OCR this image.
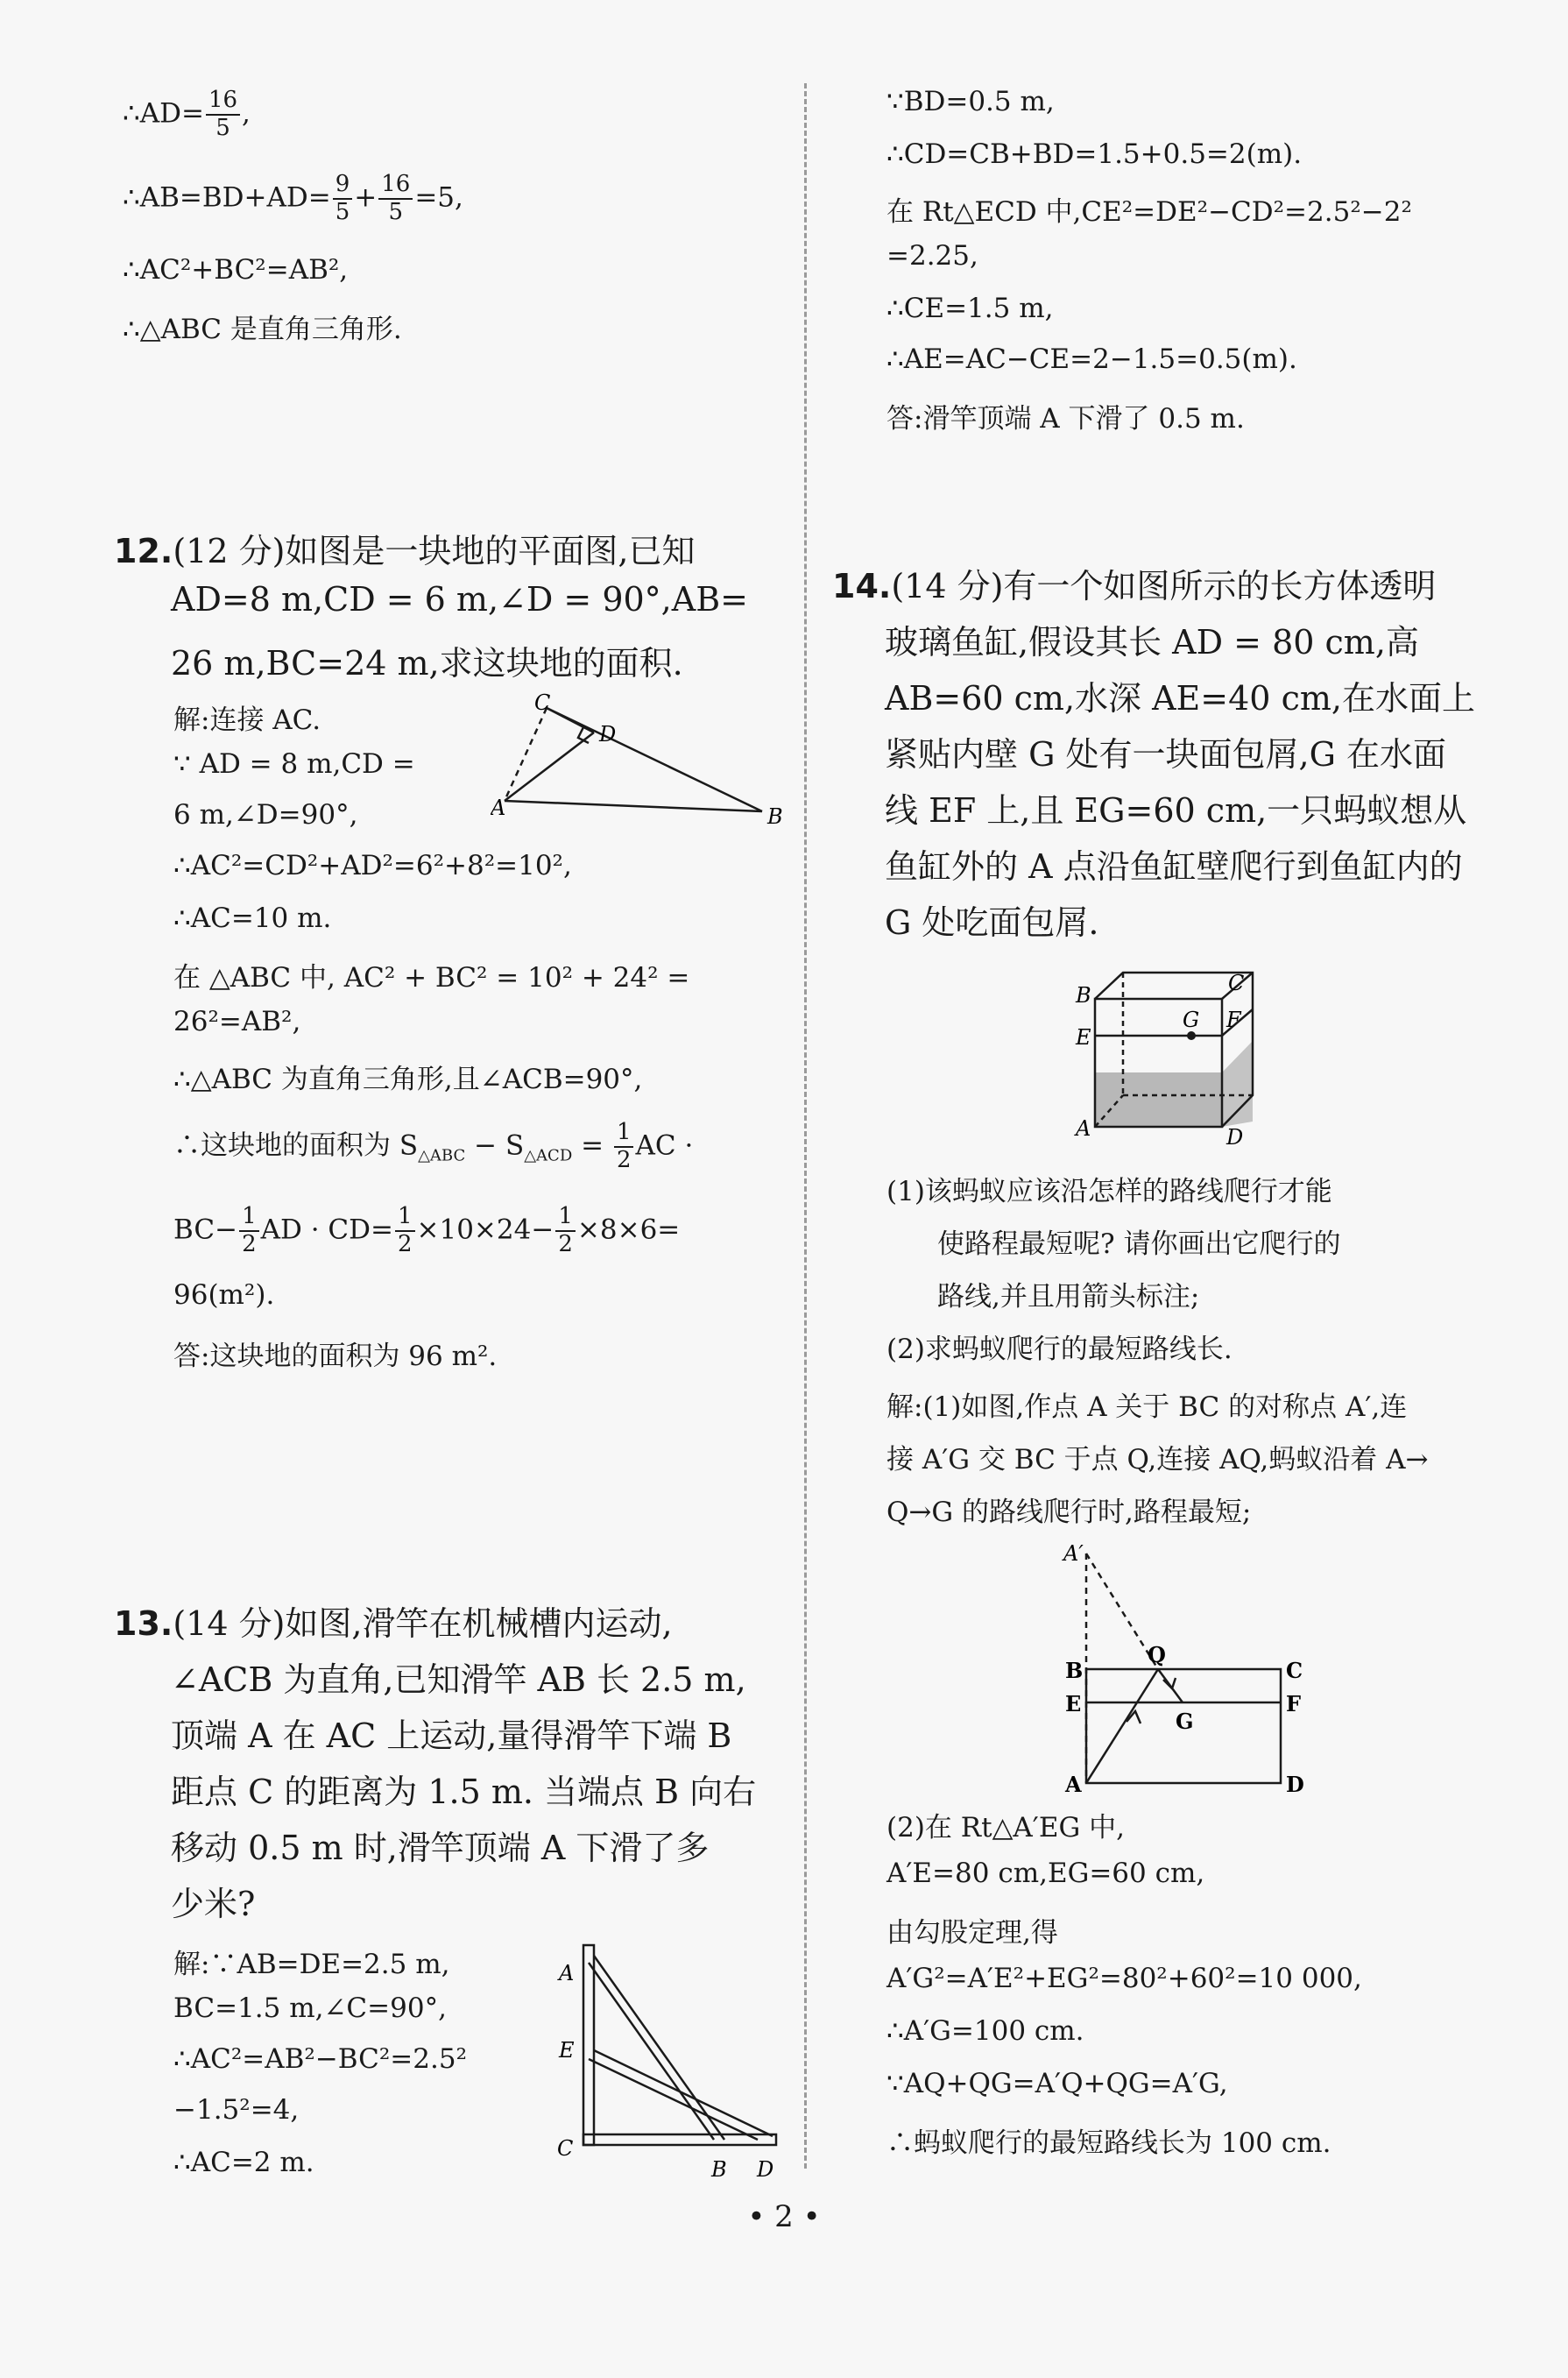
∴AD= $\frac{16}{5}$ ,
∴AB=BD+AD= $\frac{9}{5} + \frac{16}{5} =5$,
∴AC²+BC²=AB²,
∴△ABC 是直角三角形.
12.(12 分)如图是一块地的平面图,已知
AD=8 m,CD = 6 m,∠D = 90°,AB=
26 m,BC=24 m,求这块地的面积.
解:连接 AC.
∵ AD = 8 m,CD =
6 m,∠D=90°,
∴AC²=CD²+AD²=6²+8²=10²,
∴AC=10 m.
在 △ABC 中, AC² + BC² = 10² + 24² =
26²=AB²,
∴△ABC 为直角三角形,且∠ACB=90°,
∴这块地的面积为 $S_{\triangle ABC} - S_{\triangle ACD} = \frac{1}{2}$ AC ·
$BC- \frac{1}{2}$ AD · $CD= \frac{1}{2} \times 10\times 24- \frac{1}{2} \times 8\times 6=$
96(m²).
答:这块地的面积为 96 m².
C
D
A	B
13.(14 分)如图,滑竿在机械槽内运动,
∠ACB 为直角,已知滑竿 AB 长 2.5 m,
顶端 A 在 AC 上运动,量得滑竿下端 B
距点 C 的距离为 1.5 m. 当端点 B 向右
移动 0.5 m 时,滑竿顶端 A 下滑了多
少米?
解:∵AB=DE=2.5 m,
BC=1.5 m,∠C=90°,
∴AC²=AB²−BC²=2.5²
−1.5²=4,
∴AC=2 m.
A
E
C
B D
∵BD=0.5 m,
∴CD=CB+BD=1.5+0.5=2(m).
在 Rt△ECD 中,CE²=DE²−CD²=2.5²−2²
=2.25,
∴CE=1.5 m,
∴AE=AC−CE=2−1.5=0.5(m).
答:滑竿顶端 A 下滑了 0.5 m.
14.(14 分)有一个如图所示的长方体透明
玻璃鱼缸,假设其长 AD = 80 cm,高
AB=60 cm,水深 AE=40 cm,在水面上
紧贴内壁 G 处有一块面包屑,G 在水面
线 EF 上,且 EG=60 cm,一只蚂蚁想从
鱼缸外的 A 点沿鱼缸壁爬行到鱼缸内的
G 处吃面包屑.
B	C
G F
E
A	D
(1)该蚂蚁应该沿怎样的路线爬行才能
使路程最短呢? 请你画出它爬行的
路线,并且用箭头标注;
(2)求蚂蚁爬行的最短路线长.
解:(1)如图,作点 A 关于 BC 的对称点 A′,连
接 A′G 交 BC 于点 Q,连接 AQ,蚂蚁沿着 A→
Q→G 的路线爬行时,路程最短;
A′
Q
B	C
E	F
G
A	D
(2)在 Rt△A′EG 中,
A′E=80 cm,EG=60 cm,
由勾股定理,得
A′G²=A′E²+EG²=80²+60²=10 000,
∴A′G=100 cm.
∵AQ+QG=A′Q+QG=A′G,
∴蚂蚁爬行的最短路线长为 100 cm.
• 2 •
